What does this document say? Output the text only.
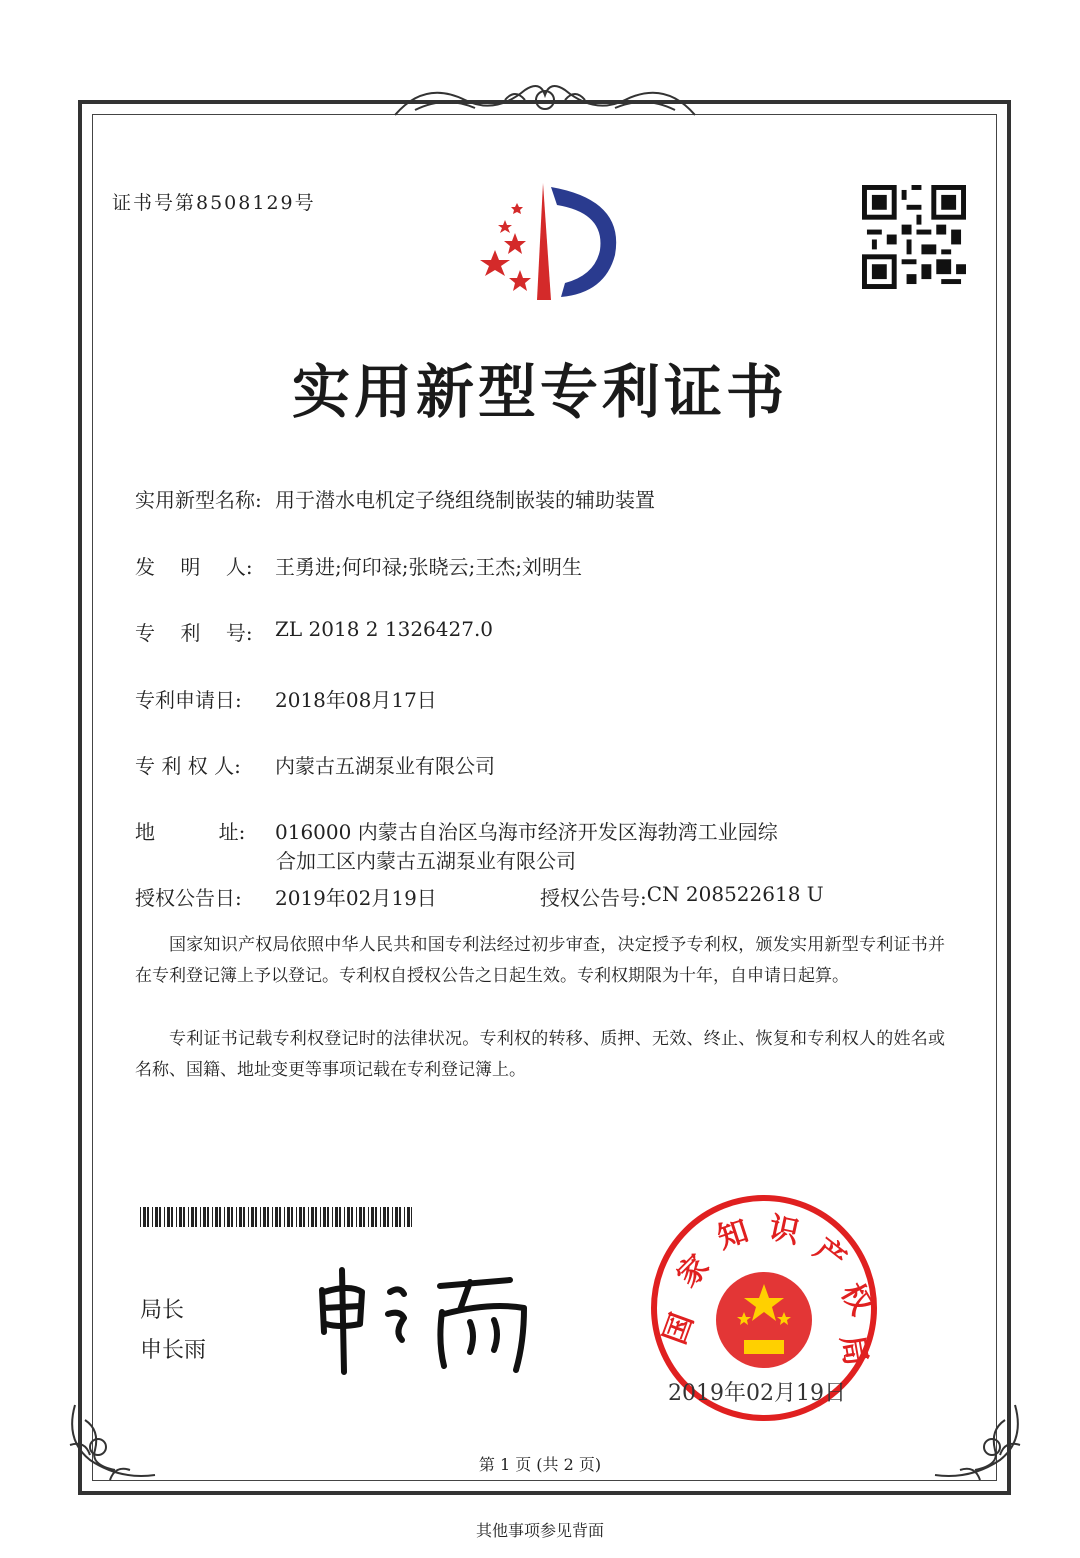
证书号第8508129号
实用新型专利证书
实用新型名称: 用于潜水电机定子绕组绕制嵌装的辅助装置
发    明    人:	王勇进;何印禄;张晓云;王杰;刘明生
专    利    号:	ZL 2018 2 1326427.0
专利申请日:	2018年08月17日
专 利 权 人:	内蒙古五湖泵业有限公司
地          址:	016000 内蒙古自治区乌海市经济开发区海勃湾工业园综
合加工区内蒙古五湖泵业有限公司
授权公告日:	2019年02月19日	授权公告号: CN 208522618 U
国家知识产权局依照中华人民共和国专利法经过初步审查，决定授予专利权，颁发实用新型专利证书并在专利登记簿上予以登记。专利权自授权公告之日起生效。专利权期限为十年，自申请日起算。
专利证书记载专利权登记时的法律状况。专利权的转移、质押、无效、终止、恢复和专利权人的姓名或名称、国籍、地址变更等事项记载在专利登记簿上。
局长
申长雨
国
家
知 识
产
权
局
2019年02月19日
第 1 页 (共 2 页)
其他事项参见背面
